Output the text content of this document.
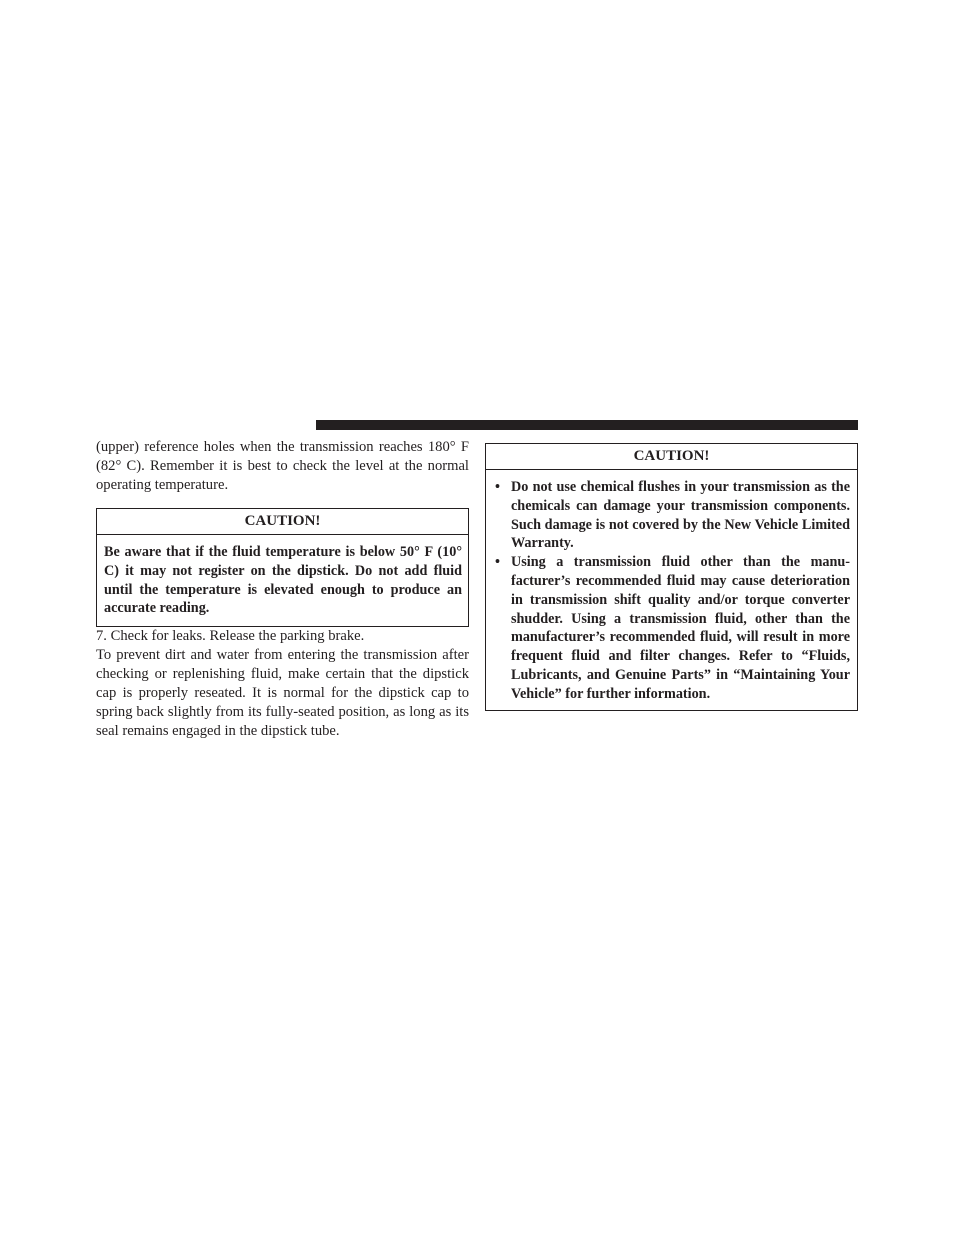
(upper) reference holes when the transmission reaches 180° F (82° C). Remember it is best to check the level at the normal operating temperature.

CAUTION!
Be aware that if the fluid temperature is below 50° F (10° C) it may not register on the dipstick. Do not add fluid until the temperature is elevated enough to produce an accurate reading.

7. Check for leaks. Release the parking brake.

To prevent dirt and water from entering the transmission after checking or replenishing fluid, make certain that the dipstick cap is properly reseated. It is normal for the dipstick cap to spring back slightly from its fully-seated position, as long as its seal remains engaged in the dipstick tube.

CAUTION!
• Do not use chemical flushes in your transmission as the chemicals can damage your transmission components. Such damage is not covered by the New Vehicle Limited Warranty.
• Using a transmission fluid other than the manufacturer’s recommended fluid may cause deterioration in transmission shift quality and/or torque converter shudder. Using a transmission fluid, other than the manufacturer’s recommended fluid, will result in more frequent fluid and filter changes. Refer to “Fluids, Lubricants, and Genuine Parts” in “Maintaining Your Vehicle” for further information.
